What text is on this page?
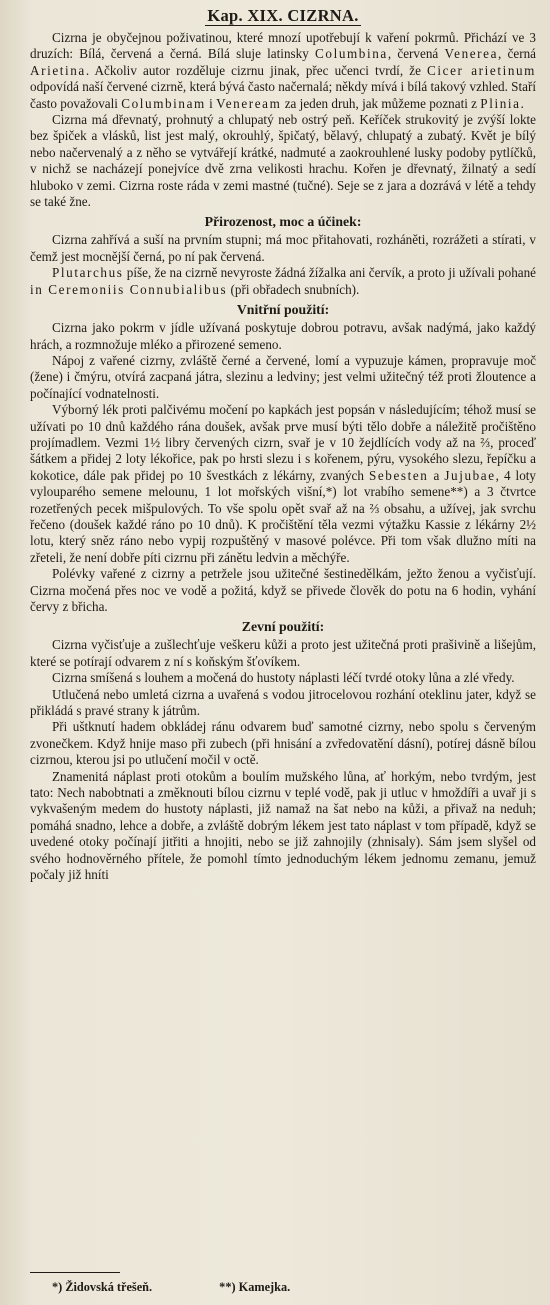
Kap. XIX. CIZRNA.

Cizrna je obyčejnou poživatinou, které mnozí upotřebují k vaření pokrmů. Přichází ve 3 druzích: Bílá, červená a černá. Bílá sluje latinsky Columbina, červená Venerea, černá Arietina. Ačkoliv autor rozděluje cizrnu jinak, přec učenci tvrdí, že Cicer arietinum odpovídá naší červené cizrně, která bývá často načernalá; někdy mívá i bílá takový vzhled. Staří často považovali Columbinam i Veneream za jeden druh, jak můžeme poznati z Plinia.

Cizrna má dřevnatý, prohnutý a chlupatý neb ostrý peň. Keříček strukovitý je zvýší lokte bez špiček a vlásků, list jest malý, okrouhlý, špičatý, bělavý, chlupatý a zubatý. Květ je bílý nebo načervenalý a z něho se vytvářejí krátké, nadmuté a zaokrouhlené lusky podoby pytlíčků, v nichž se nacházejí ponejvíce dvě zrna velikosti hrachu. Kořen je dřevnatý, žilnatý a sedí hluboko v zemi. Cizrna roste ráda v zemi mastné (tučné). Seje se z jara a dozrává v létě a tehdy se také žne.

Přirozenost, moc a účinek:

Cizrna zahřívá a suší na prvním stupni; má moc přitahovati, rozháněti, rozrážeti a stírati, v čemž jest mocnější černá, po ní pak červená.

Plutarchus píše, že na cizrně nevyroste žádná žížalka ani červík, a proto ji užívali pohané in Ceremoniis Connubialibus (při obřadech snubních).

Vnitřní použití:

Cizrna jako pokrm v jídle užívaná poskytuje dobrou potravu, avšak nadýmá, jako každý hrách, a rozmnožuje mléko a přirozené semeno.

Nápoj z vařené cizrny, zvláště černé a červené, lomí a vypuzuje kámen, propravuje moč (žene) i čmýru, otvírá zacpaná játra, slezinu a ledviny; jest velmi užitečný též proti žloutence a počínající vodnatelnosti.

Výborný lék proti palčivému močení po kapkách jest popsán v následujícím; téhož musí se užívati po 10 dnů každého rána doušek, avšak prve musí býti tělo dobře a náležitě pročištěno projímadlem. Vezmi 1½ libry červených cizrn, svař je v 10 žejdlících vody až na ⅔, proceď šátkem a přidej 2 loty lékořice, pak po hrsti slezu i s kořenem, pýru, vysokého slezu, řepíčku a kokotice, dále pak přidej po 10 švestkách z lékárny, zvaných Sebesten a Jujubae, 4 loty vylouparého semene melounu, 1 lot mořských višní,*) lot vrabího semene**) a 3 čtvrtce rozetřených pecek mišpulových. To vše spolu opět svař až na ⅔ obsahu, a užívej, jak svrchu řečeno (doušek každé ráno po 10 dnů). K pročištění těla vezmi výtažku Kassie z lékárny 2½ lotu, který sněz ráno nebo vypij rozpuštěný v masové polévce. Při tom však dlužno míti na zřeteli, že není dobře píti cizrnu při zánětu ledvin a měchýře.

Polévky vařené z cizrny a petržele jsou užitečné šestinedělkám, ježto ženou a vyčisťují. Cizrna močená přes noc ve vodě a požitá, když se přivede člověk do potu na 6 hodin, vyhání červy z břicha.

Zevní použití:

Cizrna vyčisťuje a zušlechťuje veškeru kůži a proto jest užitečná proti prašivině a lišejům, které se potírají odvarem z ní s koňským šťovíkem.

Cizrna smíšená s louhem a močená do hustoty náplasti léčí tvrdé otoky lůna a zlé vředy.

Utlučená nebo umletá cizrna a uvařená s vodou jitrocelovou rozhání oteklinu jater, když se přikládá s pravé strany k játrům.

Při uštknutí hadem obkládej ránu odvarem buď samotné cizrny, nebo spolu s červeným zvonečkem. Když hnije maso při zubech (při hnisání a zvředovatění dásní), potírej dásně bílou cizrnou, kterou jsi po utlučení močil v octě.

Znamenitá náplast proti otokům a boulím mužského lůna, ať horkým, nebo tvrdým, jest tato: Nech nabobtnati a změknouti bílou cizrnu v teplé vodě, pak ji utluc v hmoždíři a uvař ji s vykvašeným medem do hustoty náplasti, již namaž na šat nebo na kůži, a přivaž na neduh; pomáhá snadno, lehce a dobře, a zvláště dobrým lékem jest tato náplast v tom případě, když se uvedené otoky počínají jitřiti a hnojiti, nebo se již zahnojily (zhnisaly). Sám jsem slyšel od svého hodnověrného přítele, že pomohl tímto jednoduchým lékem jednomu zemanu, jemuž počaly již hníti

*) Židovská třešeň.	**) Kamejka.
